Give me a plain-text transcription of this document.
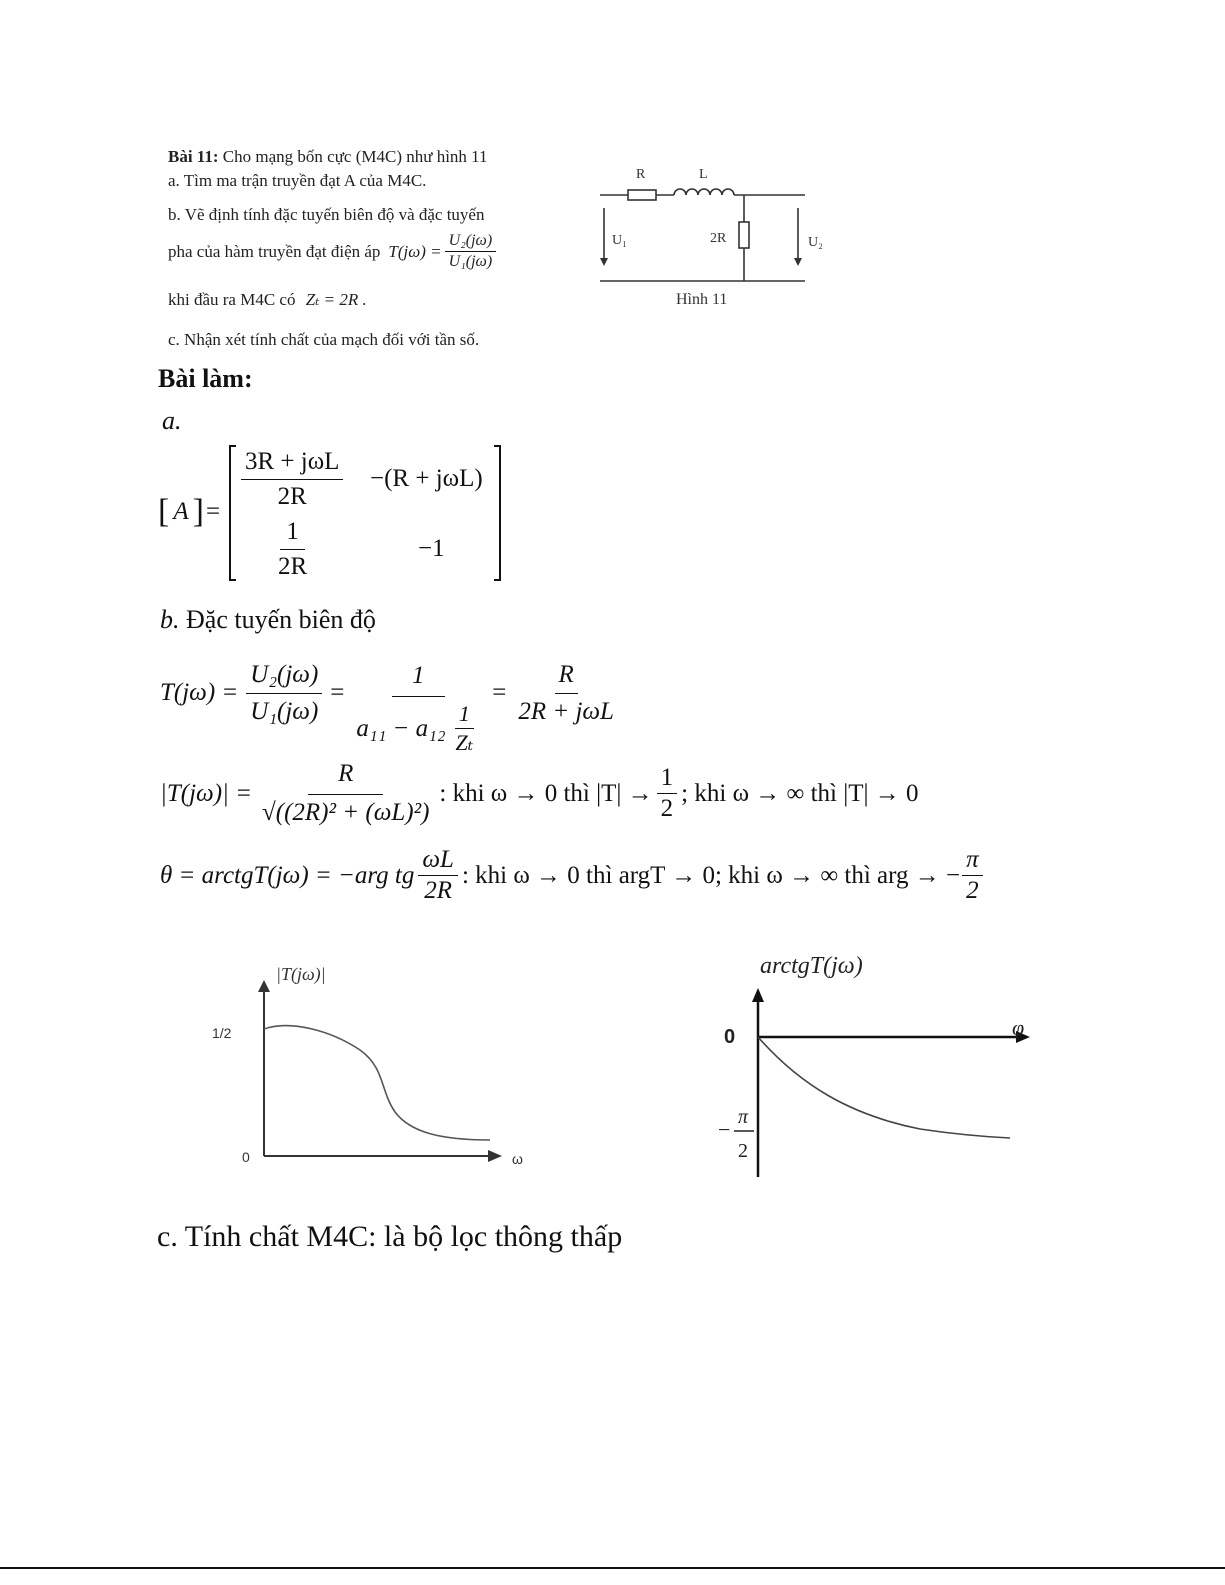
Bài 11: Cho mạng bốn cực (M4C) như hình 11
a. Tìm ma trận truyền đạt A của M4C.
b. Vẽ định tính đặc tuyến biên độ và đặc tuyến
pha của hàm truyền đạt điện áp $T(j\omega) = \frac{\text{U₂(jω)}}{\text{U₁(jω)}}$
khi đầu ra M4C có Zₜ = 2R .
c. Nhận xét tính chất của mạch đối với tần số.
R	L
2R
U₁	U₂
Hình 11
Bài làm:
a.
[ A ] =
$\frac{\text{3R + jωL}}{2R} -(R + j\omega L)$
$\frac{1}{2R}$	−1
b. Đặc tuyến biên độ
$T(j\omega) = \frac{\text{U₂(jω)}}{\text{U₁(jω)}} = \frac{1}{a_{11} - a_{12} \frac{1}{\text{Zₜ}}} = \frac{R}{\text{2R + jωL}}$
$|T(j\omega)| = \frac{R}{\text{√((2R)² + (ωL)²)}}$ : khi ω → 0 thì $|T| \to \frac{1}{2}$ ; khi ω → ∞ thì |T| → 0
θ = arctgT(jω) = −arg tg $\frac{\omega L}{2R}$ : khi ω → 0 thì argT → 0; khi ω → ∞ thì arg → − $\frac{\pi}{2}$
|T(jω)|
1/2
0	ω
arctgT(jω)
0	φ
− π
2
c. Tính chất M4C: là bộ lọc thông thấp
